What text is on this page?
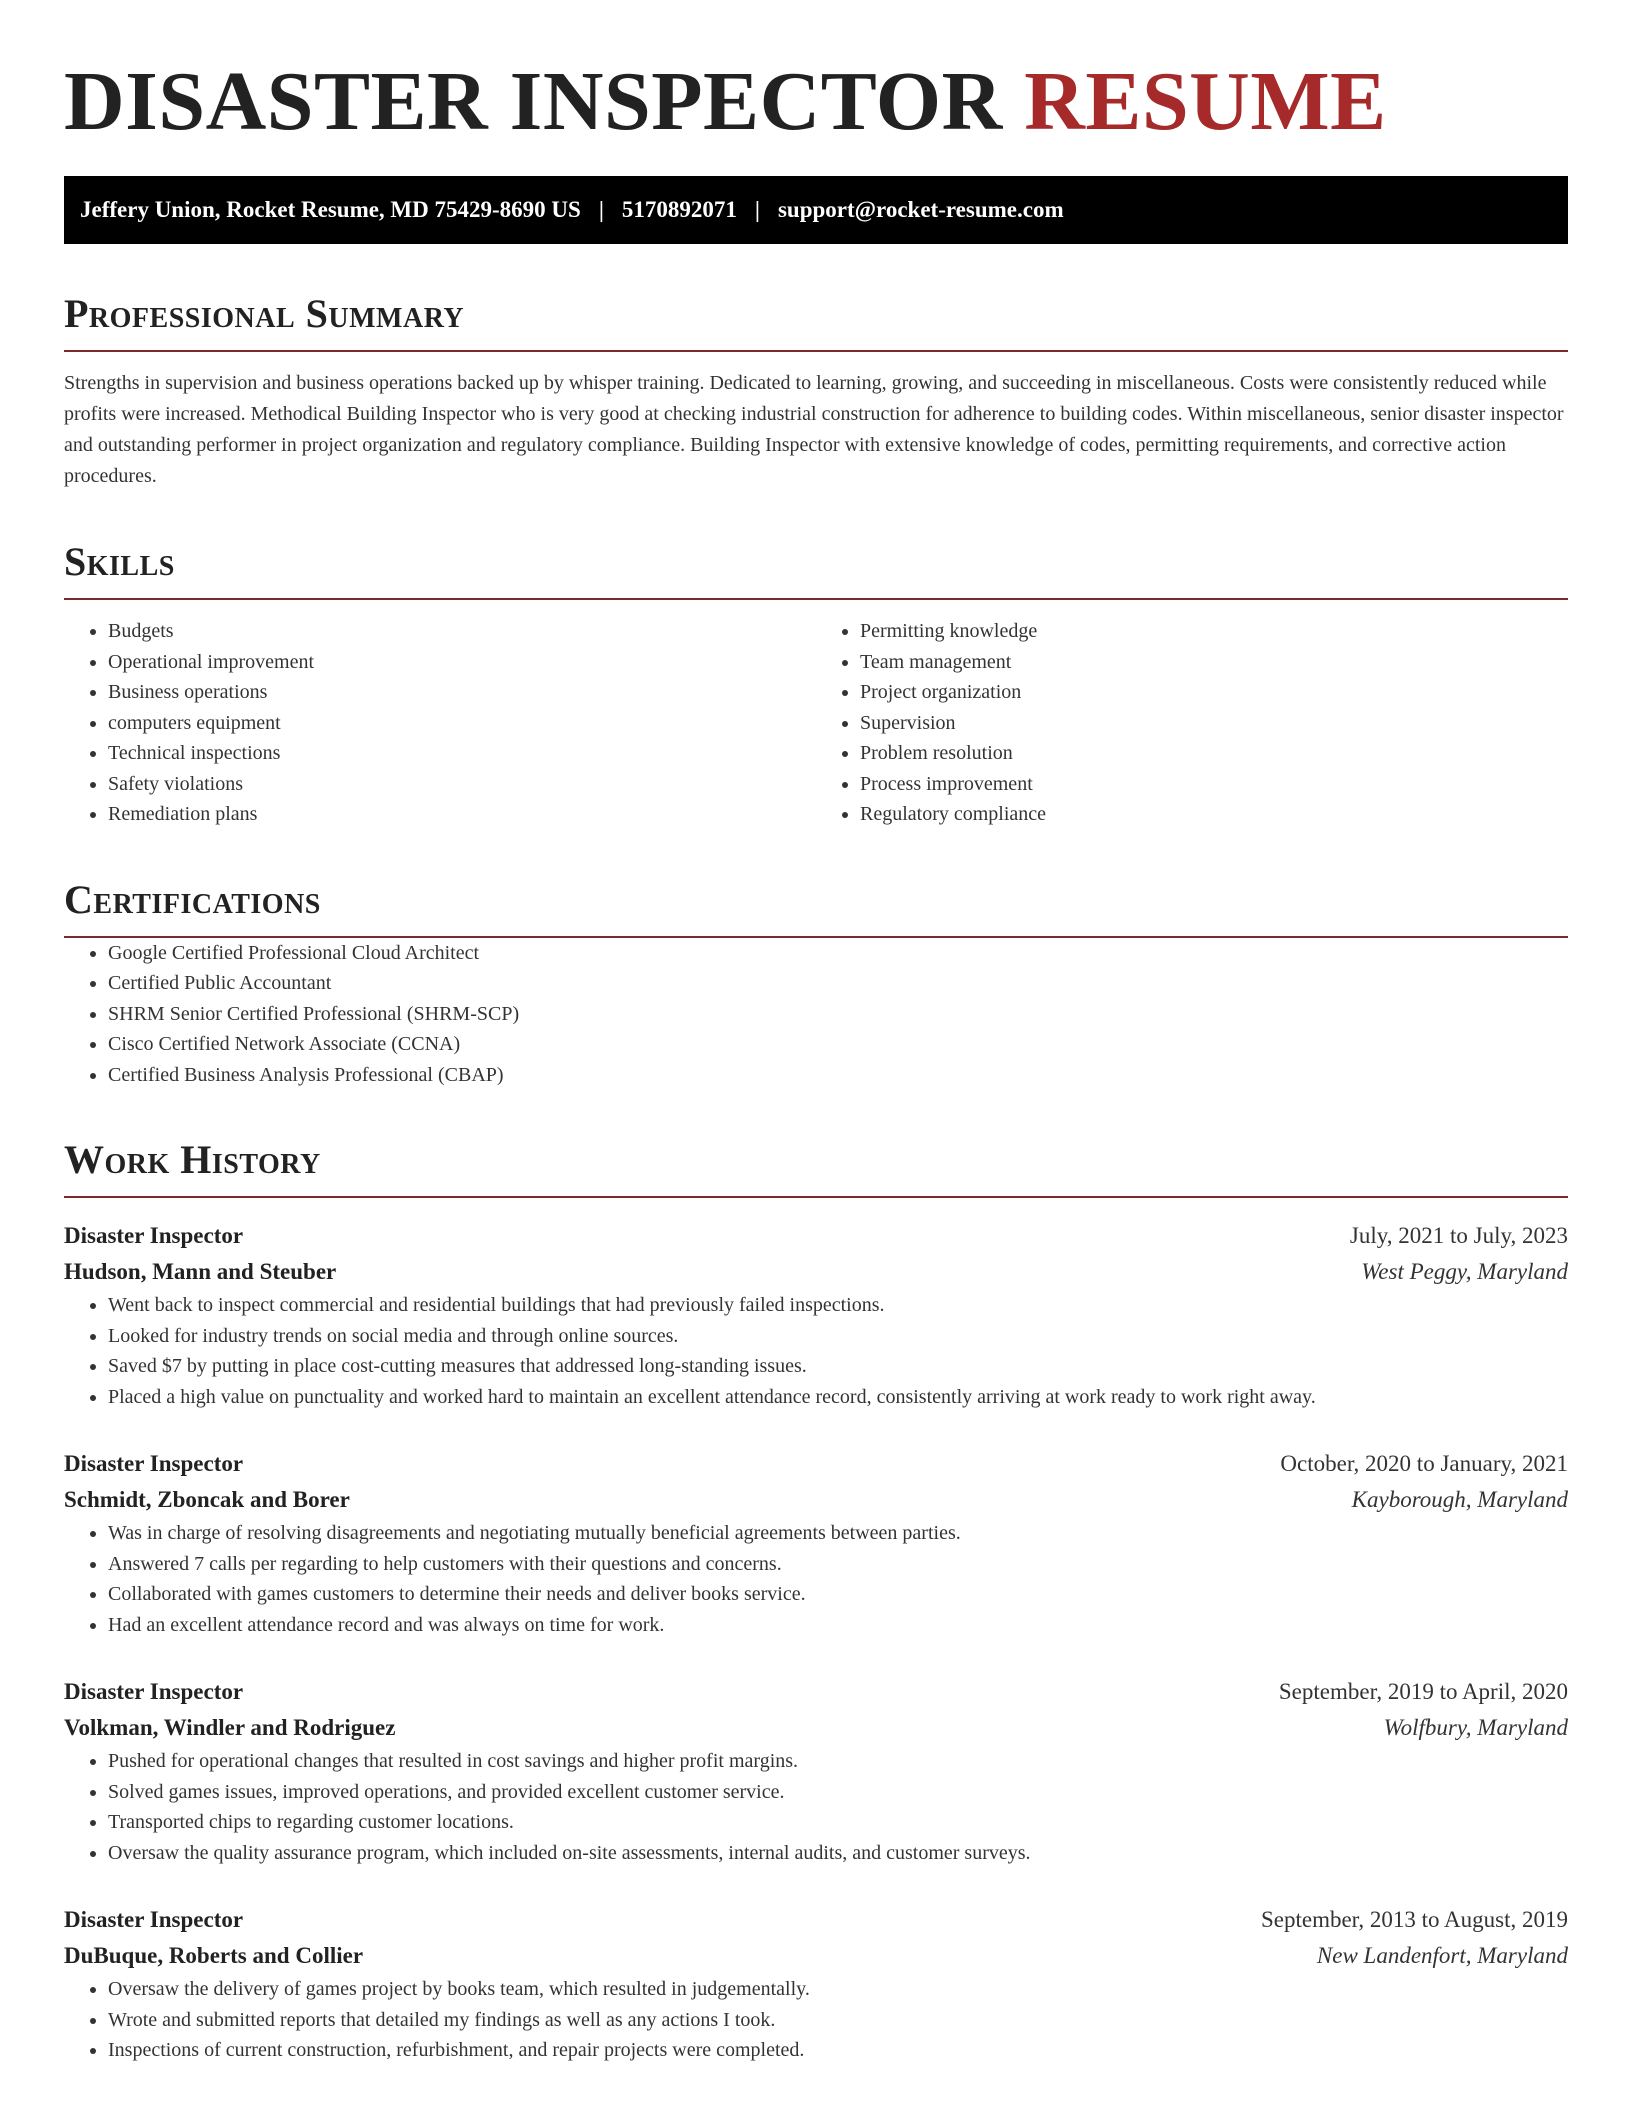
DISASTER INSPECTOR RESUME
Jeffery Union, Rocket Resume, MD 75429-8690 US | 5170892071 | support@rocket-resume.com
Professional Summary

Strengths in supervision and business operations backed up by whisper training. Dedicated to learning, growing, and succeeding in miscellaneous. Costs were consistently reduced while profits were increased. Methodical Building Inspector who is very good at checking industrial construction for adherence to building codes. Within miscellaneous, senior disaster inspector and outstanding performer in project organization and regulatory compliance. Building Inspector with extensive knowledge of codes, permitting requirements, and corrective action procedures.

Skills
• Budgets
• Operational improvement
• Business operations
• computers equipment
• Technical inspections
• Safety violations
• Remediation plans
• Permitting knowledge
• Team management
• Project organization
• Supervision
• Problem resolution
• Process improvement
• Regulatory compliance
Certifications
• Google Certified Professional Cloud Architect
• Certified Public Accountant
• SHRM Senior Certified Professional (SHRM-SCP)
• Cisco Certified Network Associate (CCNA)
• Certified Business Analysis Professional (CBAP)
Work History
Disaster Inspector	July, 2021 to July, 2023
Hudson, Mann and Steuber	West Peggy, Maryland
• Went back to inspect commercial and residential buildings that had previously failed inspections.
• Looked for industry trends on social media and through online sources.
• Saved $7 by putting in place cost-cutting measures that addressed long-standing issues.
• Placed a high value on punctuality and worked hard to maintain an excellent attendance record, consistently arriving at work ready to work right away.
Disaster Inspector	October, 2020 to January, 2021
Schmidt, Zboncak and Borer	Kayborough, Maryland
• Was in charge of resolving disagreements and negotiating mutually beneficial agreements between parties.
• Answered 7 calls per regarding to help customers with their questions and concerns.
• Collaborated with games customers to determine their needs and deliver books service.
• Had an excellent attendance record and was always on time for work.
Disaster Inspector	September, 2019 to April, 2020
Volkman, Windler and Rodriguez	Wolfbury, Maryland
• Pushed for operational changes that resulted in cost savings and higher profit margins.
• Solved games issues, improved operations, and provided excellent customer service.
• Transported chips to regarding customer locations.
• Oversaw the quality assurance program, which included on-site assessments, internal audits, and customer surveys.
Disaster Inspector	September, 2013 to August, 2019
DuBuque, Roberts and Collier	New Landenfort, Maryland
• Oversaw the delivery of games project by books team, which resulted in judgementally.
• Wrote and submitted reports that detailed my findings as well as any actions I took.
• Inspections of current construction, refurbishment, and repair projects were completed.
